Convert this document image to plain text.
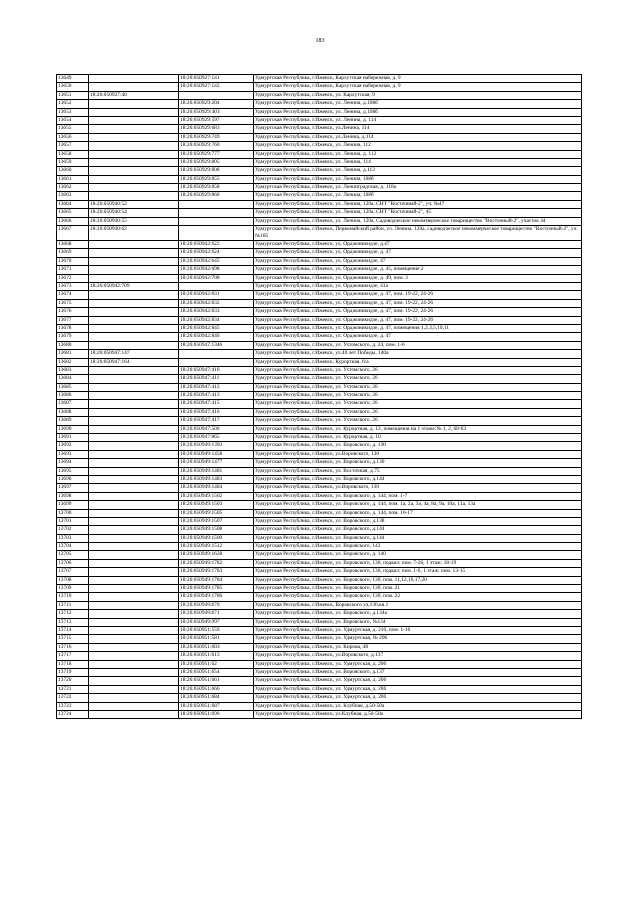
183
13649		18:26:050927:141	Удмуртская Республика, г.Ижевск, Карлутская набережная, д. 9
13650		18:26:050927:142	Удмуртская Республика, г.Ижевск, Карлутская набережная, д. 9
13651	18:26:050927:40		Удмуртская Республика, г.Ижевск, ул. Карлутская, 9
13652		18:26:050929:204	Удмуртская Республика, г.Ижевск, ул. Ленина, д.108б
13653		18:26:050929:403	Удмуртская Республика, г.Ижевск, ул. Ленина, д.108б
13654		18:26:050929:597	Удмуртская Республика, г.Ижевск, ул. Ленина, д. 114
13655		18:26:050929:683	Удмуртская Республика, г.Ижевск, ул.Ленина, 114
13656		18:26:050929:749	Удмуртская Республика, г.Ижевск, ул.Ленина, д.114
13657		18:26:050929:760	Удмуртская Республика, г.Ижевск, ул. Ленина, 112
13658		18:26:050929:777	Удмуртская Республика, г.Ижевск, ул. Ленина, д. 112
13659		18:26:050929:805	Удмуртская Республика, г.Ижевск, ул. Ленина, 114
13660		18:26:050929:808	Удмуртская Республика, г.Ижевск, ул. Ленина, д.112
13661		18:26:050929:855	Удмуртская Республика, г.Ижевск, ул. Ленина, 108б
13662		18:26:050929:858	Удмуртская Республика, г.Ижевск, ул. Ленинградская, д. 118а
13663		18:26:050929:860	Удмуртская Республика, г.Ижевск, ул. Ленина, 108б
13664	18:26:050940:52		Удмуртская Республика, г.Ижевск, ул. Ленина, 120а, СНТ "Восточный-2", уч. №47
13665	18:26:050940:54		Удмуртская Республика, г.Ижевск, ул. Ленина, 120а, СНТ "Восточный-2", 45
13666	18:26:050940:55		Удмуртская Республика, г.Ижевск, ул. Ленина, 120а, Садоводческое некоммерческое товарищество "Восточный-2", участок 44
13667	18:26:050940:62		Удмуртская Республика, г.Ижевск, Первомайский район, ул. Ленина, 120а, садоводческое некоммерческое товарищество "Восточный-2", уч.№185
13668		18:26:050942:622	Удмуртская Республика, г.Ижевск, ул. Орджоникидзе, д.47
13669		18:26:050942:624	Удмуртская Республика, г.Ижевск, ул. Орджоникидзе, д. 47
13670		18:26:050942:645	Удмуртская Республика, г.Ижевск, ул. Орджоникидзе, 47
13671		18:26:050942:698	Удмуртская Республика, г.Ижевск, ул. Орджоникидзе, д. 45, помещение 2
13672		18:26:050942:708	Удмуртская Республика, г.Ижевск, ул. Орджоникидзе, д. 49, пом. 3
13673	18:26:050942:709		Удмуртская Республика, г.Ижевск, ул. Орджоникидзе, 41а
13674		18:26:050942:831	Удмуртская Республика, г.Ижевск, ул. Орджоникидзе, д. 47, пом. 19-22, 24-26
13675		18:26:050942:832	Удмуртская Республика, г.Ижевск, ул. Орджоникидзе, д. 47, пом. 19-22, 24-26
13676		18:26:050942:833	Удмуртская Республика, г.Ижевск, ул. Орджоникидзе, д. 47, пом. 19-22, 24-26
13677		18:26:050942:834	Удмуртская Республика, г.Ижевск, ул. Орджоникидзе, д. 47, пом. 19-22, 24-26
13678		18:26:050942:845	Удмуртская Республика, г.Ижевск, ул. Орджоникидзе, д. 47, помещения 1,2,3,5,10,11
13679		18:26:050942:846	Удмуртская Республика, г.Ижевск, ул. Орджоникидзе, д. 47
13680		18:26:050947:1346	Удмуртская Республика, г.Ижевск, ул. Ухтомского, д. 24, пом. 1-6
13681	18:26:050947:147		Удмуртская Республика, г.Ижевск, ул.40 лет Победы, 140а
13682	18:26:050947:164		Удмуртская Республика, г.Ижевск, Курортная, 6/а
13683		18:26:050947:410	Удмуртская Республика, г.Ижевск, ул. Ухтомского, 26
13684		18:26:050947:411	Удмуртская Республика, г.Ижевск, ул. Ухтомского, 26
13685		18:26:050947:412	Удмуртская Республика, г.Ижевск, ул. Ухтомского, 26
13686		18:26:050947:413	Удмуртская Республика, г.Ижевск, ул. Ухтомского, 26
13687		18:26:050947:415	Удмуртская Республика, г.Ижевск, ул. Ухтомского, 26
13688		18:26:050947:416	Удмуртская Республика, г.Ижевск, ул. Ухтомского, 26
13689		18:26:050947:417	Удмуртская Республика, г.Ижевск, ул. Ухтомского, 26
13690		18:26:050947:500	Удмуртская Республика, г.Ижевск, ул. Курортная, д. 12, помещения на 1 этаже:№ 1, 2, 60-63
13691		18:26:050947:865	Удмуртская Республика, г.Ижевск, ул. Курортная, д. 10
13692		18:26:050949:1393	Удмуртская Республика, г.Ижевск, ул. Воровского, д. 130
13693		18:26:050949:1458	Удмуртская Республика, г.Ижевск, ул.Воровского, 130
13694		18:26:050949:1477	Удмуртская Республика, г.Ижевск, ул. Воровского, д.130
13695		18:26:050949:1481	Удмуртская Республика, г.Ижевск, ул. Восточная, д.75
13696		18:26:050949:1483	Удмуртская Республика, г.Ижевск, ул. Воровского, д.144
13697		18:26:050949:1484	Удмуртская Республика, г.Ижевск, ул.Воровского, 130
13698		18:26:050949:1502	Удмуртская Республика, г.Ижевск, ул. Воровского, д. 144, пом. 1-7
13699		18:26:050949:1503	Удмуртская Республика, г.Ижевск, ул. Воровского, д. 144, пом. 1а, 2а, 3а, 4а, 8а, 9а, 10а, 11а, 13а
13700		18:26:050949:1505	Удмуртская Республика, г.Ижевск, ул. Воровского, д. 144, пом. 10-17
13701		18:26:050949:1507	Удмуртская Республика, г.Ижевск, ул. Воровского, д.138
13702		18:26:050949:1508	Удмуртская Республика, г.Ижевск, ул. Воровского, д.144
13703		18:26:050949:1509	Удмуртская Республика, г.Ижевск, ул. Воровского, д.144
13704		18:26:050949:1512	Удмуртская Республика, г.Ижевск, ул. Воровского, 142
13705		18:26:050949:1628	Удмуртская Республика, г.Ижевск, ул. Воровского, д. 140
13706		18:26:050949:1782	Удмуртская Республика, г.Ижевск, ул. Воровского, 130, подвал: пом. 7-26, 1 этаж: 18-19
13707		18:26:050949:1783	Удмуртская Республика, г.Ижевск, ул. Воровского, 130, подвал: пом. 1-6, 1 этаж: пом. 13-15
13708		18:26:050949:1784	Удмуртская Республика, г.Ижевск, ул. Воровского, 130, пом. 11,12,16,17,20
13709		18:26:050949:1785	Удмуртская Республика, г.Ижевск, ул. Воровского, 130, пом. 21
13710		18:26:050949:1786	Удмуртская Республика, г.Ижевск, ул. Воровского, 130, пом. 22
13711		18:26:050949:670	Удмуртская Республика, г.Ижевск, Воровского ул,130,кв.1
13712		18:26:050949:671	Удмуртская Республика, г.Ижевск, ул. Воровского, д.134а
13713		18:26:050949:997	Удмуртская Республика, г.Ижевск, ул. Воровского, №134
13714		18:26:050951:559	Удмуртская Республика, г.Ижевск, ул. Удмуртская, д. 210, пом. 1-10
13715		18:26:050951:581	Удмуртская Республика, г.Ижевск, ул. Удмуртская, № 206
13716		18:26:050951:603	Удмуртская Республика, г.Ижевск, ул. Кирова, 48
13717		18:26:050951:613	Удмуртская Республика, г.Ижевск, ул.Воровского, д.137
13718		18:26:050951:62	Удмуртская Республика, г.Ижевск, ул. Удмуртская, д. 206
13719		18:26:050951:654	Удмуртская Республика, г.Ижевск, ул. Воровского, д.137
13720		18:26:050951:661	Удмуртская Республика, г.Ижевск, ул. Удмуртская, д. 206
13721		18:26:050951:666	Удмуртская Республика, г.Ижевск, ул. Удмуртская, д. 206
13722		18:26:050951:684	Удмуртская Республика, г.Ижевск, ул. Удмуртская, д. 206
13723		18:26:050951:687	Удмуртская Республика, г.Ижевск, ул. Клубная, д.50-50а
13724		18:26:050951:690	Удмуртская Республика, г.Ижевск, ул.Клубная, д.50-50а
